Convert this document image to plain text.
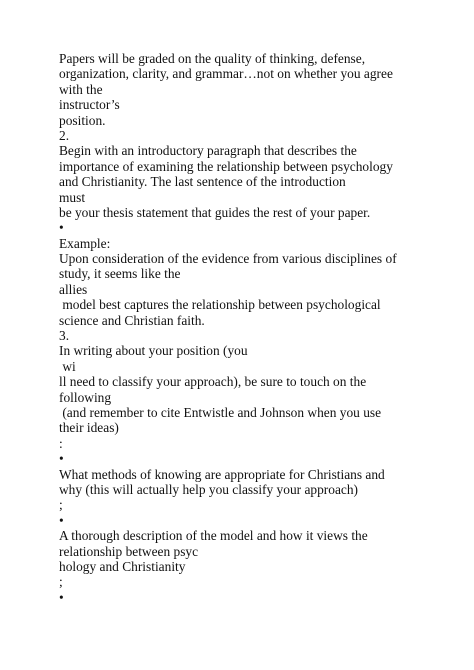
Papers will be graded on the quality of thinking, defense,
organization, clarity, and grammar…not on whether you agree
with the
instructor’s
position.
2.
Begin with an introductory paragraph that describes the
importance of examining the relationship between psychology
and Christianity. The last sentence of the introduction
must
be your thesis statement that guides the rest of your paper.
•
Example:
Upon consideration of the evidence from various disciplines of
study, it seems like the
allies
model best captures the relationship between psychological
science and Christian faith.
3.
In writing about your position (you
wi
ll need to classify your approach), be sure to touch on the
following
(and remember to cite Entwistle and Johnson when you use
their ideas)
:
•
What methods of knowing are appropriate for Christians and
why (this will actually help you classify your approach)
;
•
A thorough description of the model and how it views the
relationship between psyc
hology and Christianity
;
•
